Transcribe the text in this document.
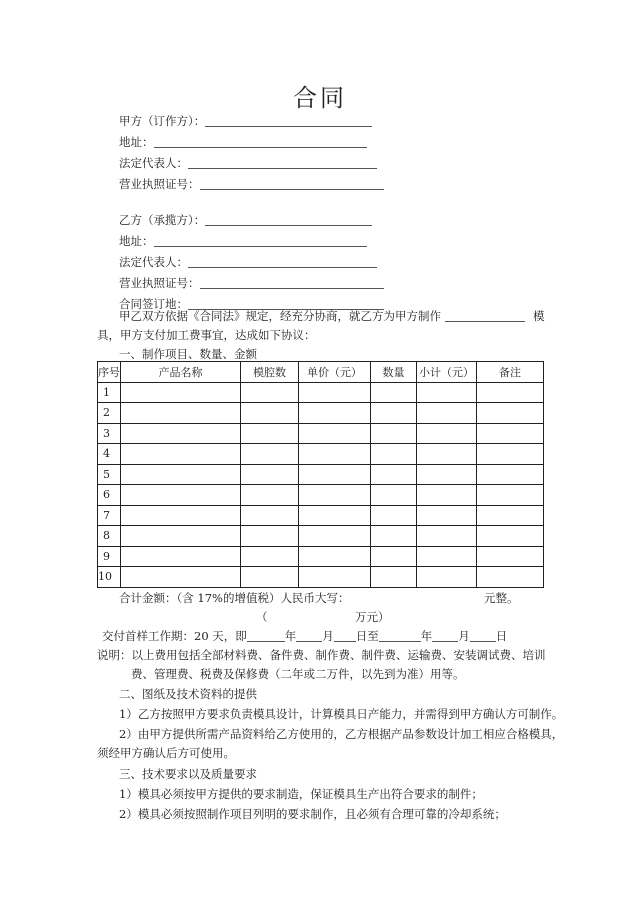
合同
甲方（订作方）：
地址：
法定代表人：
营业执照证号：
乙方（承揽方）：
地址：
法定代表人：
营业执照证号：
合同签订地：
甲乙双方依据《合同法》规定，经充分协商，就乙方为甲方制作	模
具，甲方支付加工费事宜，达成如下协议：
一、制作项目、数量、金额
序号	产品名称	模腔数	单价（元）	数量	小计（元）	备注
1						
2						
3						
4						
5						
6						
7						
8						
9						
10						
合计金额：（含 17%的增值税）人民币大写：	元整。
（	万元）
交付首样工作期：20 天，即	年 月 日至	年 月 日
说明：以上费用包括全部材料费、备件费、制作费、制件费、运输费、安装调试费、培训
费、管理费、税费及保修费（二年或二万件，以先到为准）用等。
二、图纸及技术资料的提供
1）乙方按照甲方要求负责模具设计，计算模具日产能力，并需得到甲方确认方可制作。
2）由甲方提供所需产品资料给乙方使用的，乙方根据产品参数设计加工相应合格模具，
须经甲方确认后方可使用。
三、技术要求以及质量要求
1）模具必须按甲方提供的要求制造，保证模具生产出符合要求的制件；
2）模具必须按照制作项目列明的要求制作，且必须有合理可靠的冷却系统；
